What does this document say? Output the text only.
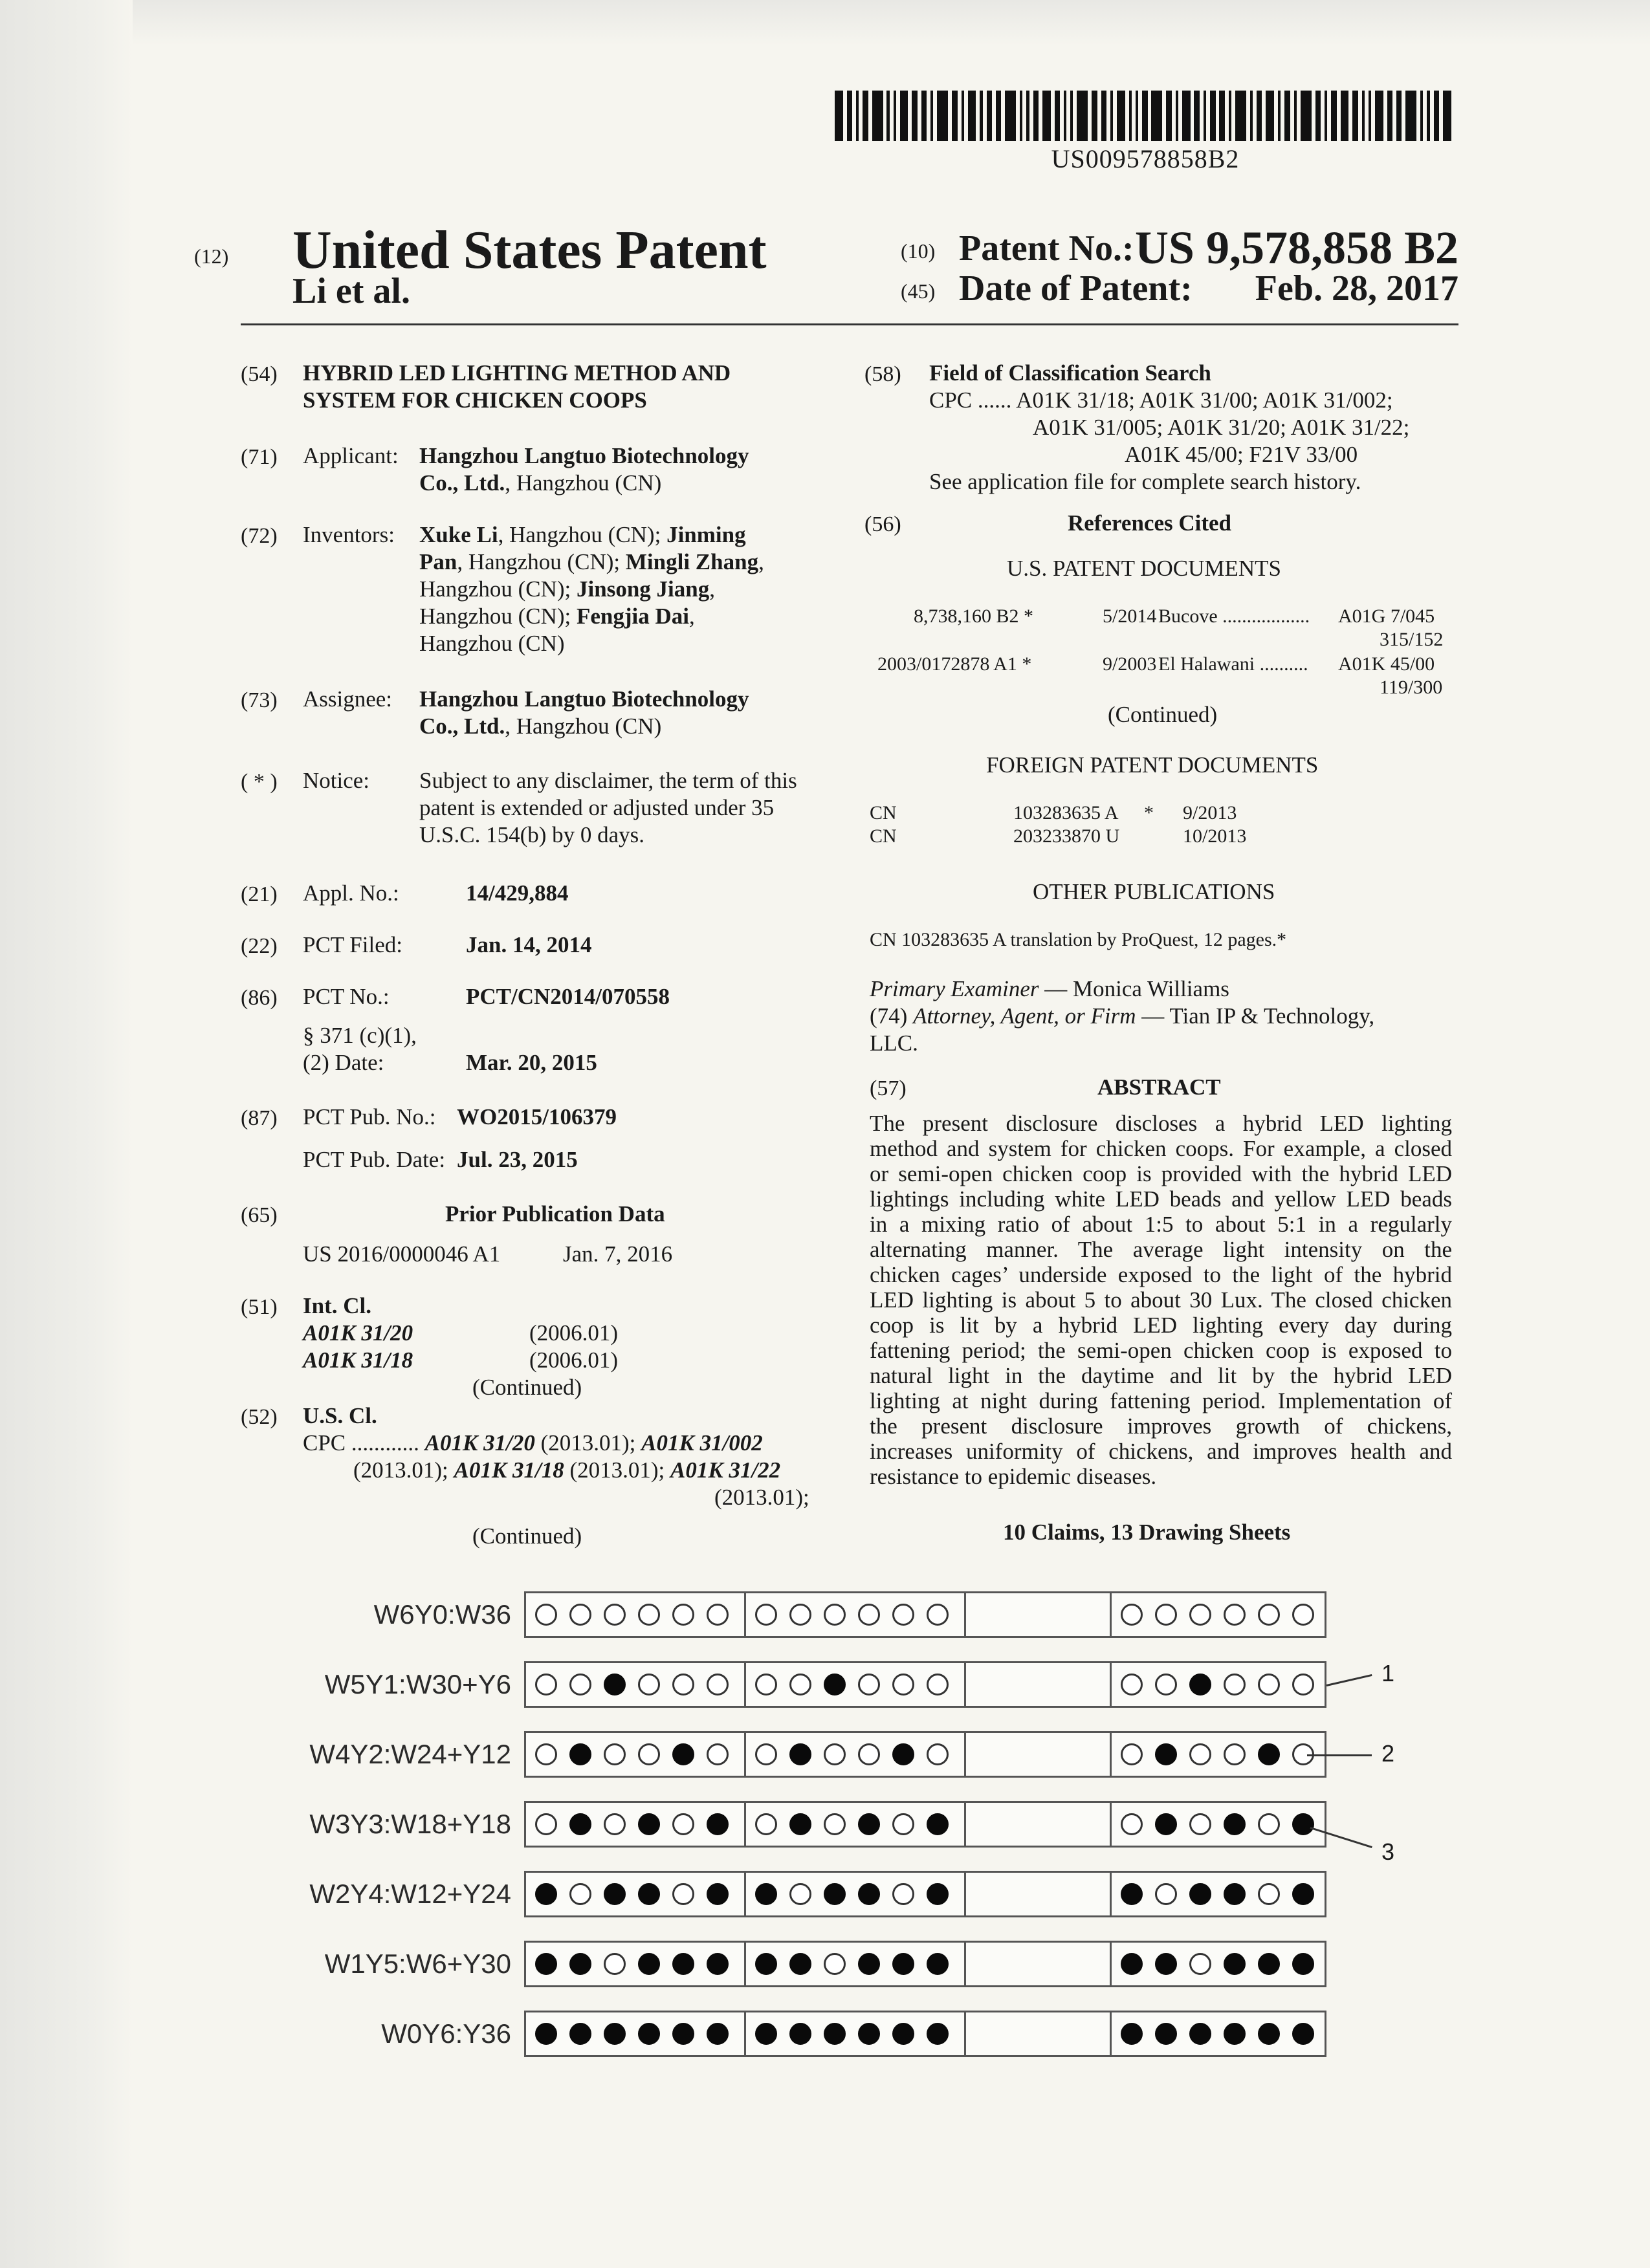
US009578858B2
(12) United States Patent
Li et al.
(10) Patent No.: US 9,578,858 B2
(45) Date of Patent: Feb. 28, 2017
(54) HYBRID LED LIGHTING METHOD AND
SYSTEM FOR CHICKEN COOPS
(71) Applicant: Hangzhou Langtuo Biotechnology
Co., Ltd., Hangzhou (CN)
(72) Inventors: Xuke Li, Hangzhou (CN); Jinming
Pan, Hangzhou (CN); Mingli Zhang,
Hangzhou (CN); Jinsong Jiang,
Hangzhou (CN); Fengjia Dai,
Hangzhou (CN)
(73) Assignee: Hangzhou Langtuo Biotechnology
Co., Ltd., Hangzhou (CN)
( * ) Notice: Subject to any disclaimer, the term of this
patent is extended or adjusted under 35
U.S.C. 154(b) by 0 days.
(21) Appl. No.:	14/429,884
(22) PCT Filed:	Jan. 14, 2014
(86) PCT No.:	PCT/CN2014/070558
§ 371 (c)(1),
(2) Date:	Mar. 20, 2015
(87) PCT Pub. No.: WO2015/106379
PCT Pub. Date: Jul. 23, 2015
(65)	Prior Publication Data
US 2016/0000046 A1	Jan. 7, 2016
(51) Int. Cl.
A01K 31/20	(2006.01)
A01K 31/18	(2006.01)
(Continued)
(52) U.S. Cl.
CPC ............ A01K 31/20 (2013.01); A01K 31/002
(2013.01); A01K 31/18 (2013.01); A01K 31/22
(2013.01);
(Continued)
(58) Field of Classification Search
CPC ...... A01K 31/18; A01K 31/00; A01K 31/002;
A01K 31/005; A01K 31/20; A01K 31/22;
A01K 45/00; F21V 33/00
See application file for complete search history.
(56)	References Cited
U.S. PATENT DOCUMENTS
8,738,160 B2 *	5/2014 Bucove .................. A01G 7/045
315/152
2003/0172878 A1 *	9/2003 El Halawani .......... A01K 45/00
119/300
(Continued)
FOREIGN PATENT DOCUMENTS
CN	103283635 A * 9/2013
CN	203233870 U	10/2013
OTHER PUBLICATIONS
CN 103283635 A translation by ProQuest, 12 pages.*
Primary Examiner — Monica Williams
(74) Attorney, Agent, or Firm — Tian IP & Technology,
LLC.
(57)	ABSTRACT
The present disclosure discloses a hybrid LED lighting
method and system for chicken coops. For example, a closed
or semi-open chicken coop is provided with the hybrid LED
lightings including white LED beads and yellow LED beads
in a mixing ratio of about 1:5 to about 5:1 in a regularly
alternating manner. The average light intensity on the
chicken cages’ underside exposed to the light of the hybrid
LED lighting is about 5 to about 30 Lux. The closed chicken
coop is lit by a hybrid LED lighting every day during
fattening period; the semi-open chicken coop is exposed to
natural light in the daytime and lit by the hybrid LED
lighting at night during fattening period. Implementation of
the present disclosure improves growth of chickens,
increases uniformity of chickens, and improves health and
resistance to epidemic diseases.
10 Claims, 13 Drawing Sheets
W6Y0:W36
W5Y1:W30+Y6
W4Y2:W24+Y12
W3Y3:W18+Y18
W2Y4:W12+Y24
W1Y5:W6+Y30
W0Y6:Y36
1
2
3
